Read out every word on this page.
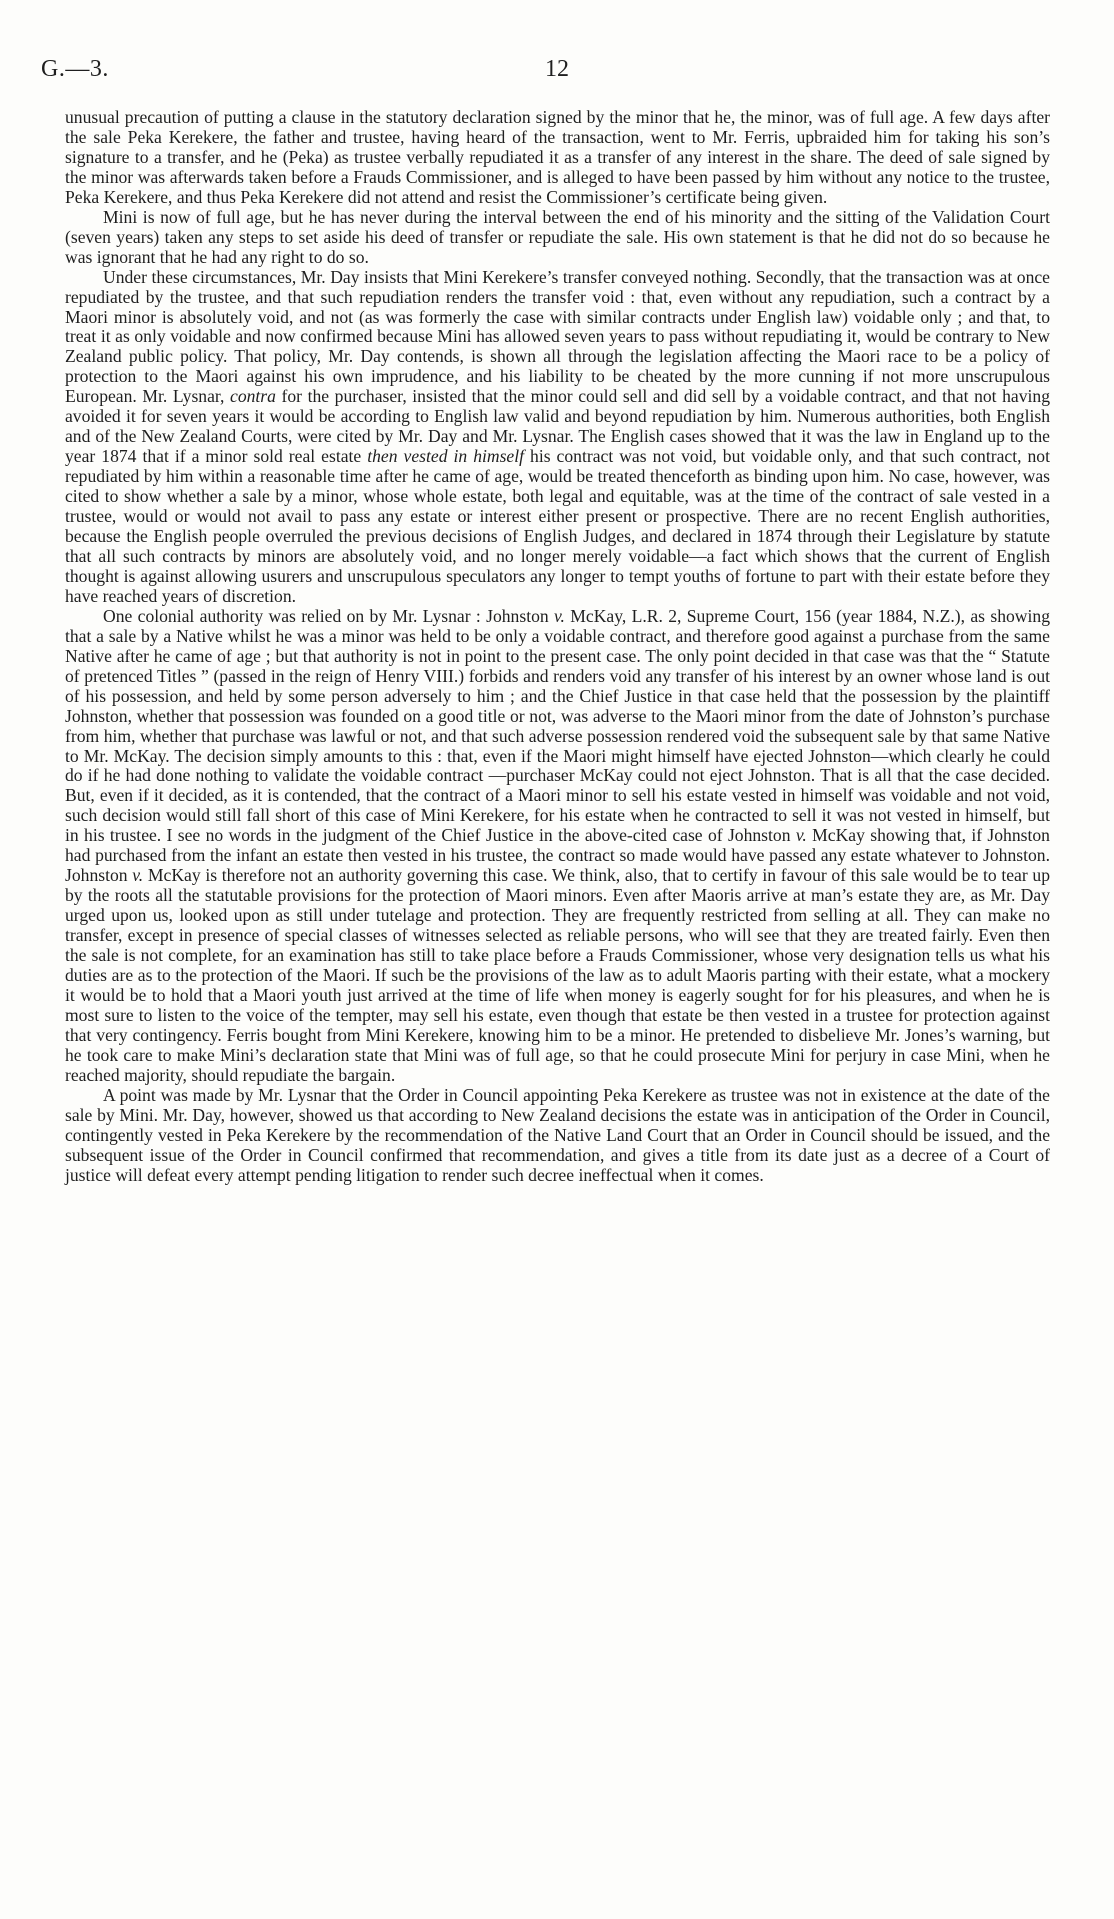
G.—3.	12

unusual precaution of putting a clause in the statutory declaration signed by the minor that he, the minor, was of full age. A few days after the sale Peka Kerekere, the father and trustee, having heard of the transaction, went to Mr. Ferris, upbraided him for taking his son’s signature to a transfer, and he (Peka) as trustee verbally repudiated it as a transfer of any interest in the share. The deed of sale signed by the minor was afterwards taken before a Frauds Commissioner, and is alleged to have been passed by him without any notice to the trustee, Peka Kerekere, and thus Peka Kerekere did not attend and resist the Commissioner’s certificate being given.

Mini is now of full age, but he has never during the interval between the end of his minority and the sitting of the Validation Court (seven years) taken any steps to set aside his deed of transfer or repudiate the sale. His own statement is that he did not do so because he was ignorant that he had any right to do so.

Under these circumstances, Mr. Day insists that Mini Kerekere’s transfer conveyed nothing. Secondly, that the transaction was at once repudiated by the trustee, and that such repudiation renders the transfer void : that, even without any repudiation, such a contract by a Maori minor is absolutely void, and not (as was formerly the case with similar contracts under English law) voidable only ; and that, to treat it as only voidable and now confirmed because Mini has allowed seven years to pass without repudiating it, would be contrary to New Zealand public policy. That policy, Mr. Day contends, is shown all through the legislation affecting the Maori race to be a policy of protection to the Maori against his own imprudence, and his liability to be cheated by the more cunning if not more unscrupulous European. Mr. Lysnar, contra for the purchaser, insisted that the minor could sell and did sell by a voidable contract, and that not having avoided it for seven years it would be according to English law valid and beyond repudiation by him. Numerous authorities, both English and of the New Zealand Courts, were cited by Mr. Day and Mr. Lysnar. The English cases showed that it was the law in England up to the year 1874 that if a minor sold real estate then vested in himself his contract was not void, but voidable only, and that such contract, not repudiated by him within a reasonable time after he came of age, would be treated thenceforth as binding upon him. No case, however, was cited to show whether a sale by a minor, whose whole estate, both legal and equitable, was at the time of the contract of sale vested in a trustee, would or would not avail to pass any estate or interest either present or prospective. There are no recent English authorities, because the English people overruled the previous decisions of English Judges, and declared in 1874 through their Legislature by statute that all such contracts by minors are absolutely void, and no longer merely voidable—a fact which shows that the current of English thought is against allowing usurers and unscrupulous speculators any longer to tempt youths of fortune to part with their estate before they have reached years of discretion.

One colonial authority was relied on by Mr. Lysnar : Johnston v. McKay, L.R. 2, Supreme Court, 156 (year 1884, N.Z.), as showing that a sale by a Native whilst he was a minor was held to be only a voidable contract, and therefore good against a purchase from the same Native after he came of age ; but that authority is not in point to the present case. The only point decided in that case was that the “ Statute of pretenced Titles ” (passed in the reign of Henry VIII.) forbids and renders void any transfer of his interest by an owner whose land is out of his possession, and held by some person adversely to him ; and the Chief Justice in that case held that the possession by the plaintiff Johnston, whether that possession was founded on a good title or not, was adverse to the Maori minor from the date of Johnston’s purchase from him, whether that purchase was lawful or not, and that such adverse possession rendered void the subsequent sale by that same Native to Mr. McKay. The decision simply amounts to this : that, even if the Maori might himself have ejected Johnston—which clearly he could do if he had done nothing to validate the voidable contract —purchaser McKay could not eject Johnston. That is all that the case decided. But, even if it decided, as it is contended, that the contract of a Maori minor to sell his estate vested in himself was voidable and not void, such decision would still fall short of this case of Mini Kerekere, for his estate when he contracted to sell it was not vested in himself, but in his trustee. I see no words in the judgment of the Chief Justice in the above-cited case of Johnston v. McKay showing that, if Johnston had purchased from the infant an estate then vested in his trustee, the contract so made would have passed any estate whatever to Johnston. Johnston v. McKay is therefore not an authority governing this case. We think, also, that to certify in favour of this sale would be to tear up by the roots all the statutable provisions for the protection of Maori minors. Even after Maoris arrive at man’s estate they are, as Mr. Day urged upon us, looked upon as still under tutelage and protection. They are frequently restricted from selling at all. They can make no transfer, except in presence of special classes of witnesses selected as reliable persons, who will see that they are treated fairly. Even then the sale is not complete, for an examination has still to take place before a Frauds Commissioner, whose very designation tells us what his duties are as to the protection of the Maori. If such be the provisions of the law as to adult Maoris parting with their estate, what a mockery it would be to hold that a Maori youth just arrived at the time of life when money is eagerly sought for for his pleasures, and when he is most sure to listen to the voice of the tempter, may sell his estate, even though that estate be then vested in a trustee for protection against that very contingency. Ferris bought from Mini Kerekere, knowing him to be a minor. He pretended to disbelieve Mr. Jones’s warning, but he took care to make Mini’s declaration state that Mini was of full age, so that he could prosecute Mini for perjury in case Mini, when he reached majority, should repudiate the bargain.

A point was made by Mr. Lysnar that the Order in Council appointing Peka Kerekere as trustee was not in existence at the date of the sale by Mini. Mr. Day, however, showed us that according to New Zealand decisions the estate was in anticipation of the Order in Council, contingently vested in Peka Kerekere by the recommendation of the Native Land Court that an Order in Council should be issued, and the subsequent issue of the Order in Council confirmed that recommendation, and gives a title from its date just as a decree of a Court of justice will defeat every attempt pending litigation to render such decree ineffectual when it comes.
